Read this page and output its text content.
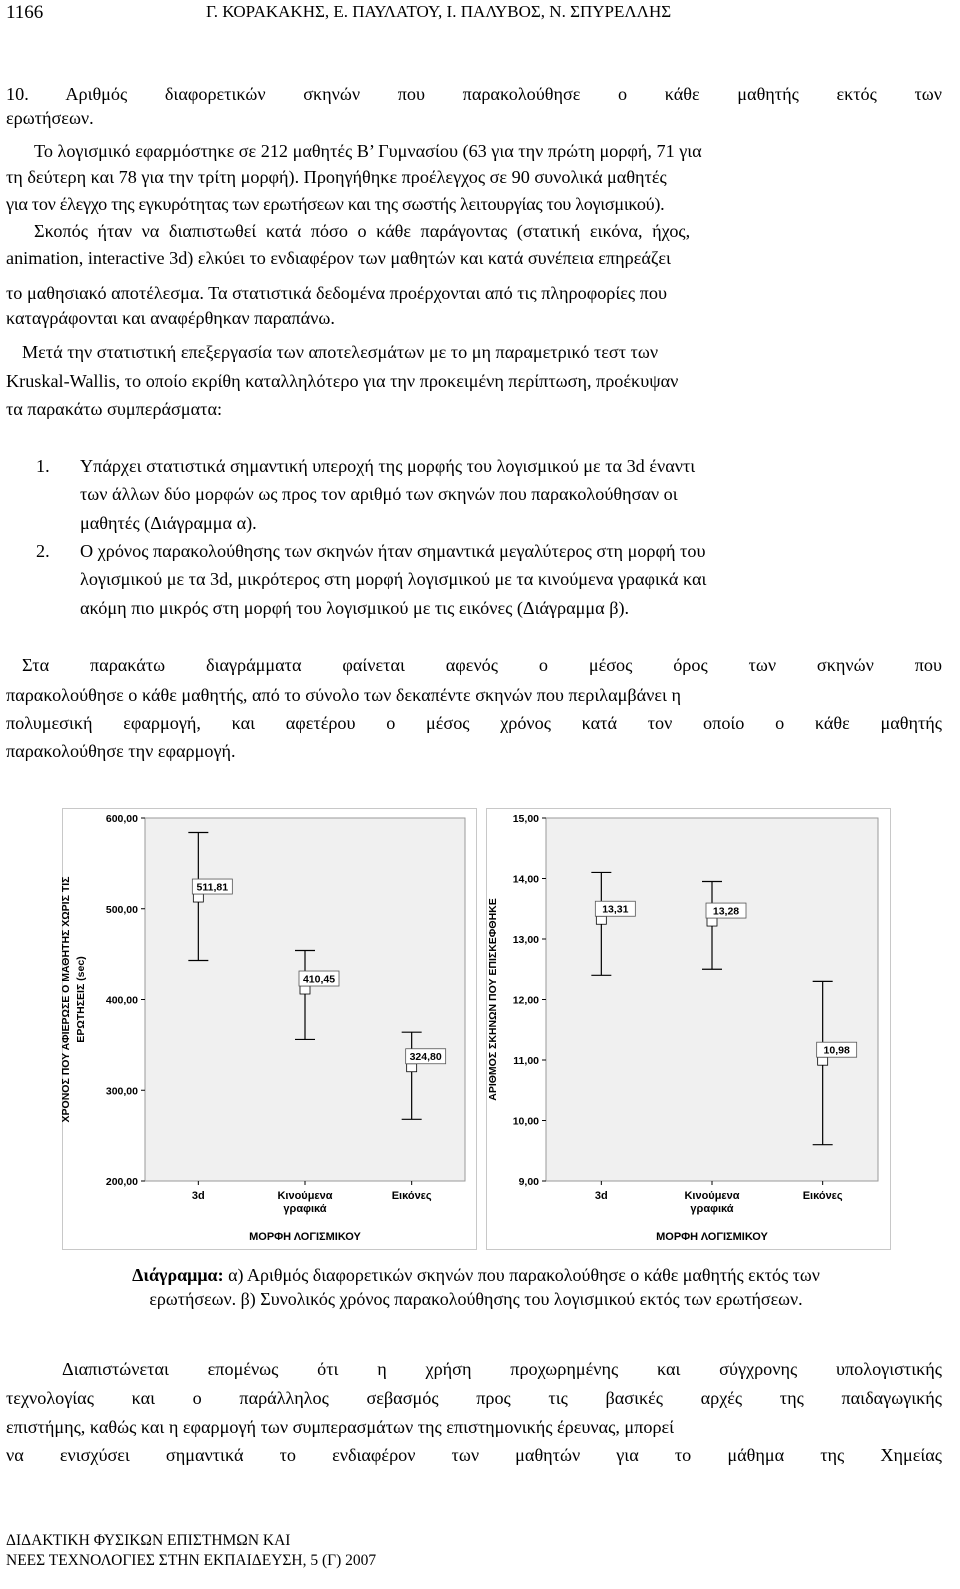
1166	Γ. ΚΟΡΑΚΑΚΗΣ, Ε. ΠΑΥΛΑΤΟΥ, Ι. ΠΑΛΥΒΟΣ, Ν. ΣΠΥΡΕΛΛΗΣ
10. Αριθμός διαφορετικών σκηνών που παρακολούθησε ο κάθε μαθητής εκτός των
ερωτήσεων.
Το λογισμικό εφαρμόστηκε σε 212 μαθητές Β’ Γυμνασίου (63 για την πρώτη μορφή, 71 για
τη δεύτερη και 78 για την τρίτη μορφή). Προηγήθηκε προέλεγχος σε 90 συνολικά μαθητές
για τον έλεγχο της εγκυρότητας των ερωτήσεων και της σωστής λειτουργίας του λογισμικού).
Σκοπός ήταν να διαπιστωθεί κατά πόσο ο κάθε παράγοντας (στατική εικόνα, ήχος,
animation, interactive 3d) ελκύει το ενδιαφέρον των μαθητών και κατά συνέπεια επηρεάζει
το μαθησιακό αποτέλεσμα. Τα στατιστικά δεδομένα προέρχονται από τις πληροφορίες που
καταγράφονται και αναφέρθηκαν παραπάνω.
Μετά την στατιστική επεξεργασία των αποτελεσμάτων με το μη παραμετρικό τεστ των
Kruskal-Wallis, το οποίο εκρίθη καταλληλότερο για την προκειμένη περίπτωση, προέκυψαν
τα παρακάτω συμπεράσματα:
1. Υπάρχει στατιστικά σημαντική υπεροχή της μορφής του λογισμικού με τα 3d έναντι
των άλλων δύο μορφών ως προς τον αριθμό των σκηνών που παρακολούθησαν οι
μαθητές (Διάγραμμα α).
2. Ο χρόνος παρακολούθησης των σκηνών ήταν σημαντικά μεγαλύτερος στη μορφή του
λογισμικού με τα 3d, μικρότερος στη μορφή λογισμικού με τα κινούμενα γραφικά και
ακόμη πιο μικρός στη μορφή του λογισμικού με τις εικόνες (Διάγραμμα β).
Στα παρακάτω διαγράμματα φαίνεται αφενός ο μέσος όρος των σκηνών που
παρακολούθησε ο κάθε μαθητής, από το σύνολο των δεκαπέντε σκηνών που περιλαμβάνει η
πολυμεσική εφαρμογή, και αφετέρου ο μέσος χρόνος κατά τον οποίο ο κάθε μαθητής
παρακολούθησε την εφαρμογή.
600,00
500,00
400,00
300,00
200,00
ΧΡΟΝΟΣ ΠΟΥ ΑΦΙΕΡΩΣΕ Ο ΜΑΘΗΤΗΣ ΧΩΡΙΣ ΤΙΣ ΕΡΩΤΗΣΕΙΣ (sec)
3d
511,81
Κινούμενα
γραφικά
410,45
Εικόνες
324,80
ΜΟΡΦΗ ΛΟΓΙΣΜΙΚΟΥ
15,00
14,00
13,00
12,00
11,00
10,00
9,00
ΑΡΙΘΜΟΣ ΣΚΗΝΩΝ ΠΟΥ ΕΠΙΣΚΕΦΘΗΚΕ
3d
13,31
Κινούμενα
γραφικά
13,28
Εικόνες
10,98
ΜΟΡΦΗ ΛΟΓΙΣΜΙΚΟΥ
Διάγραμμα: α) Αριθμός διαφορετικών σκηνών που παρακολούθησε ο κάθε μαθητής εκτός των
ερωτήσεων. β) Συνολικός χρόνος παρακολούθησης του λογισμικού εκτός των ερωτήσεων.
Διαπιστώνεται επομένως ότι η χρήση προχωρημένης και σύγχρονης υπολογιστικής
τεχνολογίας και ο παράλληλος σεβασμός προς τις βασικές αρχές της παιδαγωγικής
επιστήμης, καθώς και η εφαρμογή των συμπερασμάτων της επιστημονικής έρευνας, μπορεί
να ενισχύσει σημαντικά το ενδιαφέρον των μαθητών για το μάθημα της Χημείας
ΔΙΔΑΚΤΙΚΗ ΦΥΣΙΚΩΝ ΕΠΙΣΤΗΜΩΝ ΚΑΙ
ΝΕΕΣ ΤΕΧΝΟΛΟΓΙΕΣ ΣΤΗΝ ΕΚΠΑΙΔΕΥΣΗ, 5 (Γ) 2007
